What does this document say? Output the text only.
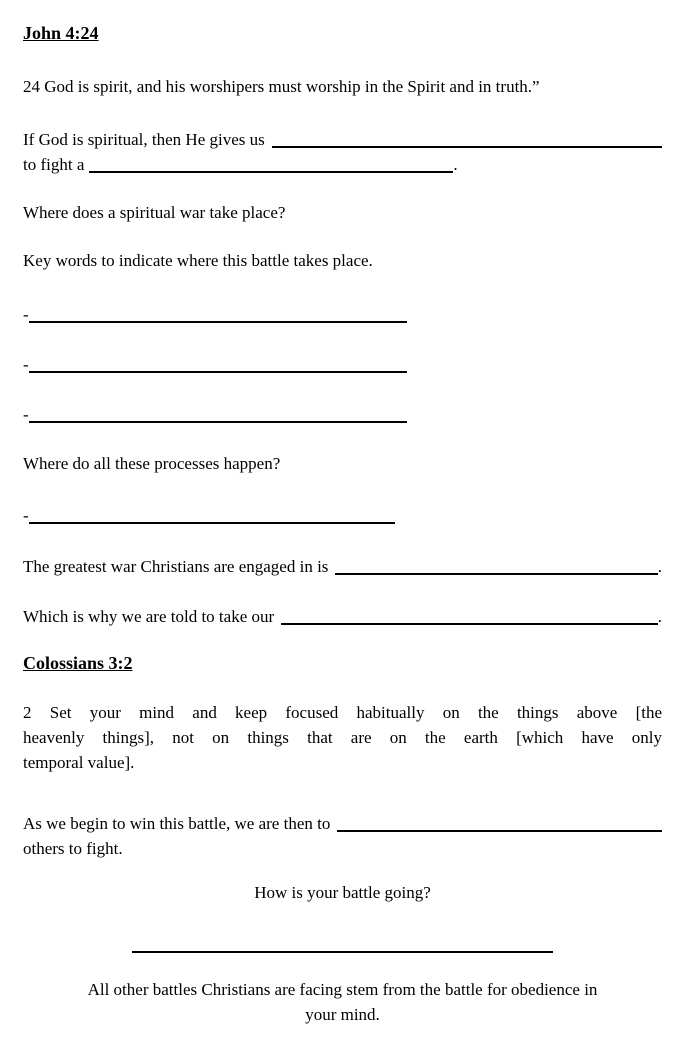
John 4:24
24 God is spirit, and his worshipers must worship in the Spirit and in truth.”
If God is spiritual, then He gives us
to fight a	.
Where does a spiritual war take place?
Key words to indicate where this battle takes place.
-
-
-
Where do all these processes happen?
-
The greatest war Christians are engaged in is	.
Which is why we are told to take our	.
Colossians 3:2
2 Set your mind and keep focused habitually on the things above [the
heavenly things], not on things that are on the earth [which have only
temporal value].
As we begin to win this battle, we are then to
others to fight.
How is your battle going?
All other battles Christians are facing stem from the battle for obedience in
your mind.
